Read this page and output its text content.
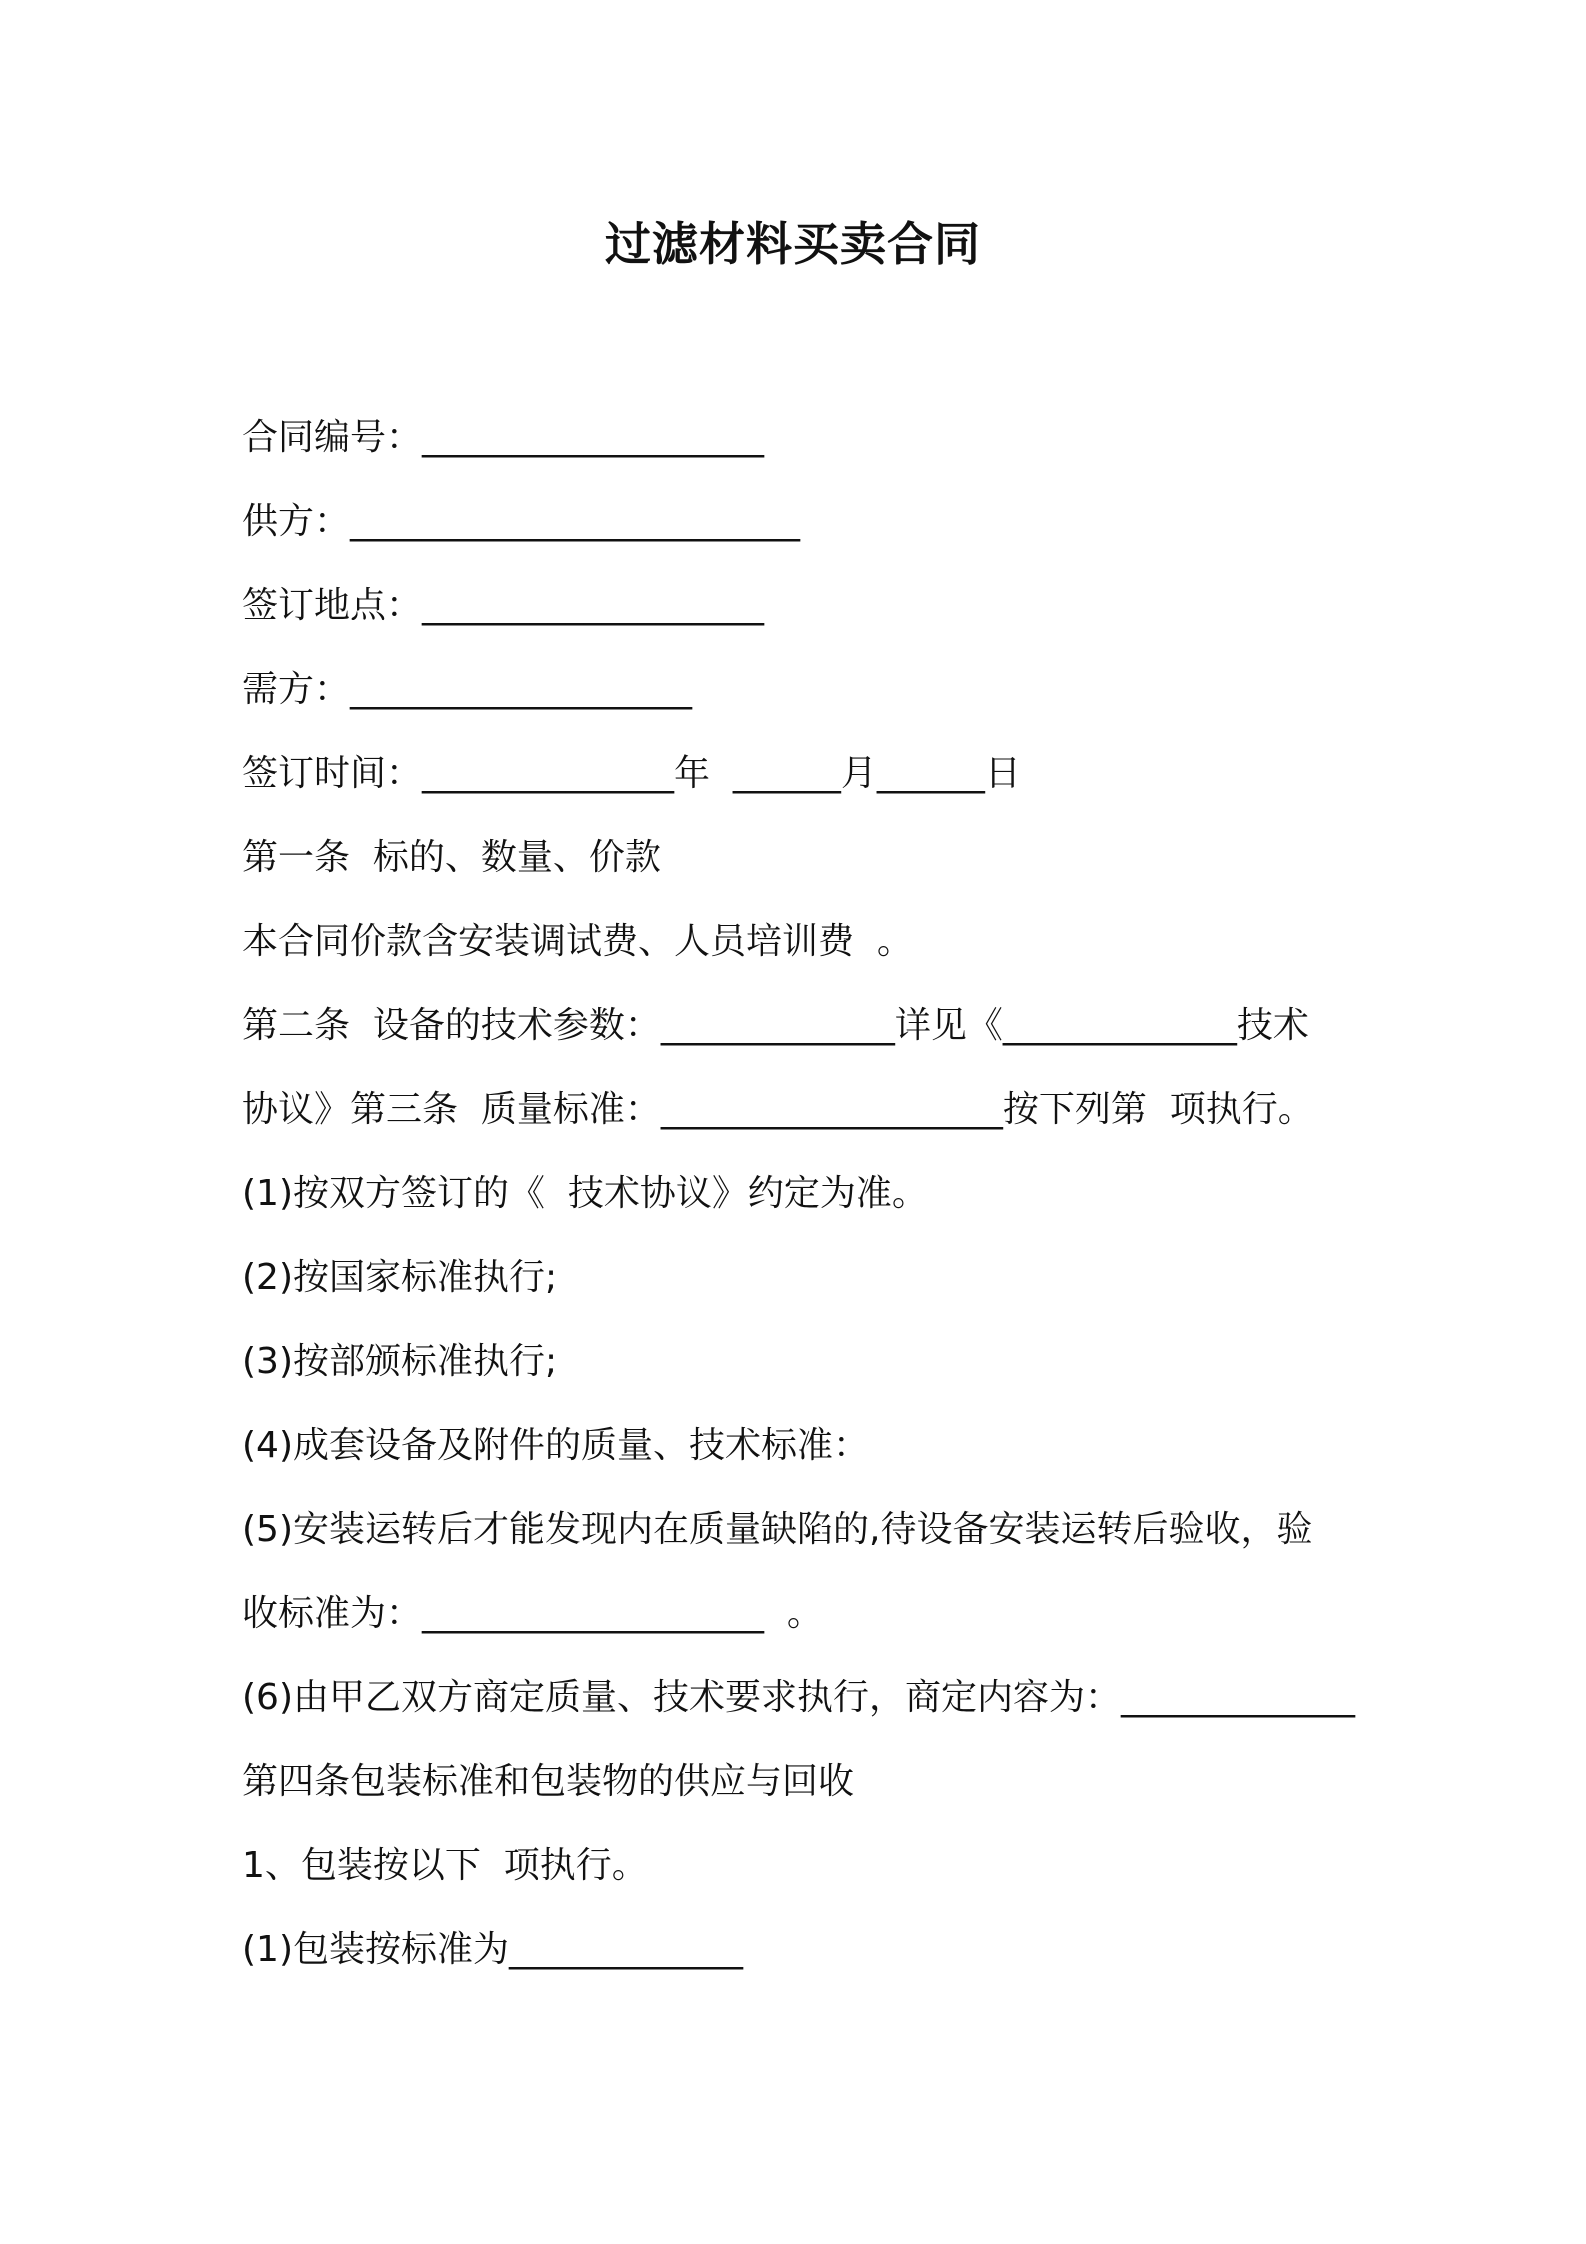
过滤材料买卖合同
合同编号：___________________
供方：_________________________
签订地点：___________________
需方：___________________
签订时间：______________年  ______月______日
第一条  标的、数量、价款
本合同价款含安装调试费、人员培训费  。
第二条  设备的技术参数：_____________详见《_____________技术
协议》第三条  质量标准：___________________按下列第  项执行。
(1)按双方签订的《  技术协议》约定为准。
(2)按国家标准执行;
(3)按部颁标准执行;
(4)成套设备及附件的质量、技术标准：
(5)安装运转后才能发现内在质量缺陷的,待设备安装运转后验收，验
收标准为：___________________  。
(6)由甲乙双方商定质量、技术要求执行，商定内容为：_____________
第四条包装标准和包装物的供应与回收
1、包装按以下  项执行。
(1)包装按标准为_____________
